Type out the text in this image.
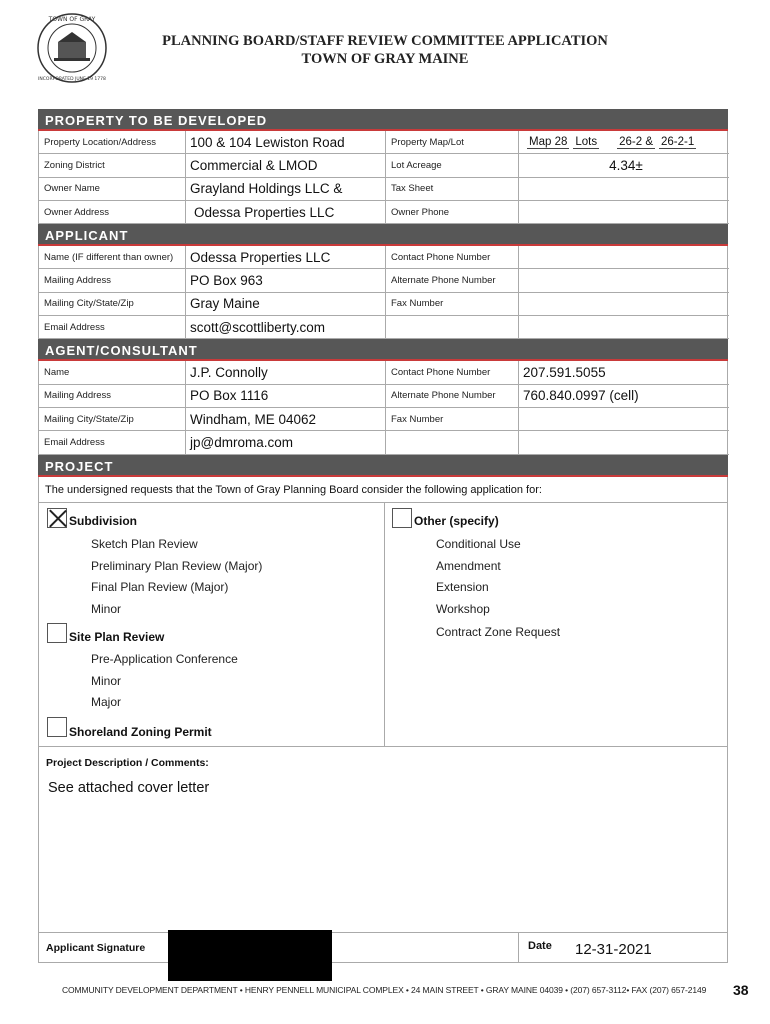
TOWN OF GRAY
INCORPORATED JUNE 19 1778
PLANNING BOARD/STAFF REVIEW COMMITTEE APPLICATION
TOWN OF GRAY MAINE
PROPERTY TO BE DEVELOPED
Property Location/Address	100 & 104 Lewiston Road	Property Map/Lot	Map 28 Lots 26-2 & 26-2-1
Zoning District	Commercial & LMOD	Lot Acreage	4.34±
Owner Name	Grayland Holdings LLC &	Tax Sheet
Owner Address	Odessa Properties LLC	Owner Phone
APPLICANT
Name (IF different than owner)	Odessa Properties LLC	Contact Phone Number
Mailing Address	PO Box 963	Alternate Phone Number
Mailing City/State/Zip	Gray Maine	Fax Number
Email Address	scott@scottliberty.com
AGENT/CONSULTANT
Name	J.P. Connolly	Contact Phone Number	207.591.5055
Mailing Address	PO Box 1116	Alternate Phone Number	760.840.0997 (cell)
Mailing City/State/Zip	Windham, ME 04062	Fax Number
Email Address	jp@dmroma.com
PROJECT
The undersigned requests that the Town of Gray Planning Board consider the following application for:
Subdivision
Sketch Plan Review
Preliminary Plan Review (Major)
Final Plan Review (Major)
Minor
Site Plan Review
Pre-Application Conference
Minor
Major
Shoreland Zoning Permit
Other (specify)
Conditional Use
Amendment
Extension
Workshop
Contract Zone Request
Project Description / Comments:
See attached cover letter
Applicant Signature	Date 12-31-2021
COMMUNITY DEVELOPMENT DEPARTMENT • HENRY PENNELL MUNICIPAL COMPLEX • 24 MAIN STREET • GRAY MAINE 04039 • (207) 657-3112• FAX (207) 657-2149 38
